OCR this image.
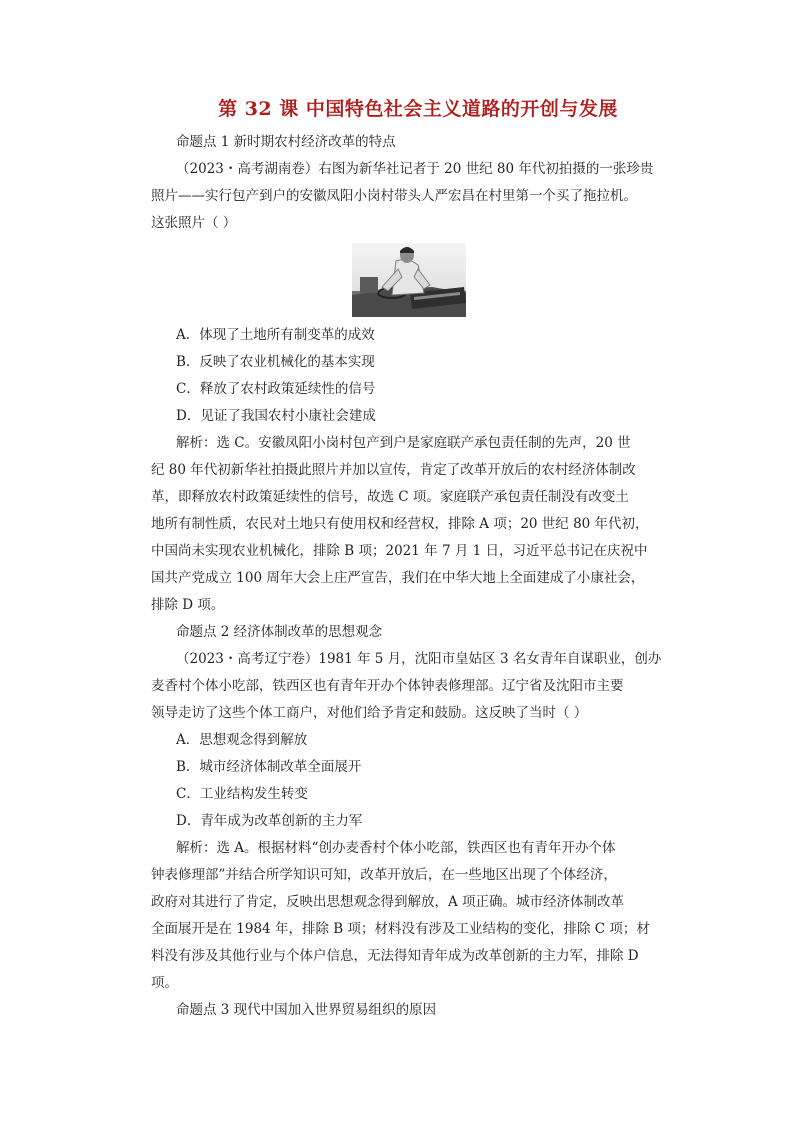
第 32 课 中国特色社会主义道路的开创与发展
命题点 1 新时期农村经济改革的特点
（2023・高考湖南卷）右图为新华社记者于 20 世纪 80 年代初拍摄的一张珍贵
照片——实行包产到户的安徽凤阳小岗村带头人严宏昌在村里第一个买了拖拉机。
这张照片（ ）
A．体现了土地所有制变革的成效
B．反映了农业机械化的基本实现
C．释放了农村政策延续性的信号
D．见证了我国农村小康社会建成
解析：选 C。安徽凤阳小岗村包产到户是家庭联产承包责任制的先声，20 世
纪 80 年代初新华社拍摄此照片并加以宣传，肯定了改革开放后的农村经济体制改
革，即释放农村政策延续性的信号，故选 C 项。家庭联产承包责任制没有改变土
地所有制性质，农民对土地只有使用权和经营权，排除 A 项；20 世纪 80 年代初，
中国尚未实现农业机械化，排除 B 项；2021 年 7 月 1 日，习近平总书记在庆祝中
国共产党成立 100 周年大会上庄严宣告，我们在中华大地上全面建成了小康社会，
排除 D 项。
命题点 2 经济体制改革的思想观念
（2023・高考辽宁卷）1981 年 5 月，沈阳市皇姑区 3 名女青年自谋职业，创办
麦香村个体小吃部，铁西区也有青年开办个体钟表修理部。辽宁省及沈阳市主要
领导走访了这些个体工商户，对他们给予肯定和鼓励。这反映了当时（ ）
A．思想观念得到解放
B．城市经济体制改革全面展开
C．工业结构发生转变
D．青年成为改革创新的主力军
解析：选 A。根据材料“创办麦香村个体小吃部，铁西区也有青年开办个体
钟表修理部”并结合所学知识可知，改革开放后，在一些地区出现了个体经济，
政府对其进行了肯定，反映出思想观念得到解放，A 项正确。城市经济体制改革
全面展开是在 1984 年，排除 B 项；材料没有涉及工业结构的变化，排除 C 项；材
料没有涉及其他行业与个体户信息，无法得知青年成为改革创新的主力军，排除 D
项。
命题点 3 现代中国加入世界贸易组织的原因
